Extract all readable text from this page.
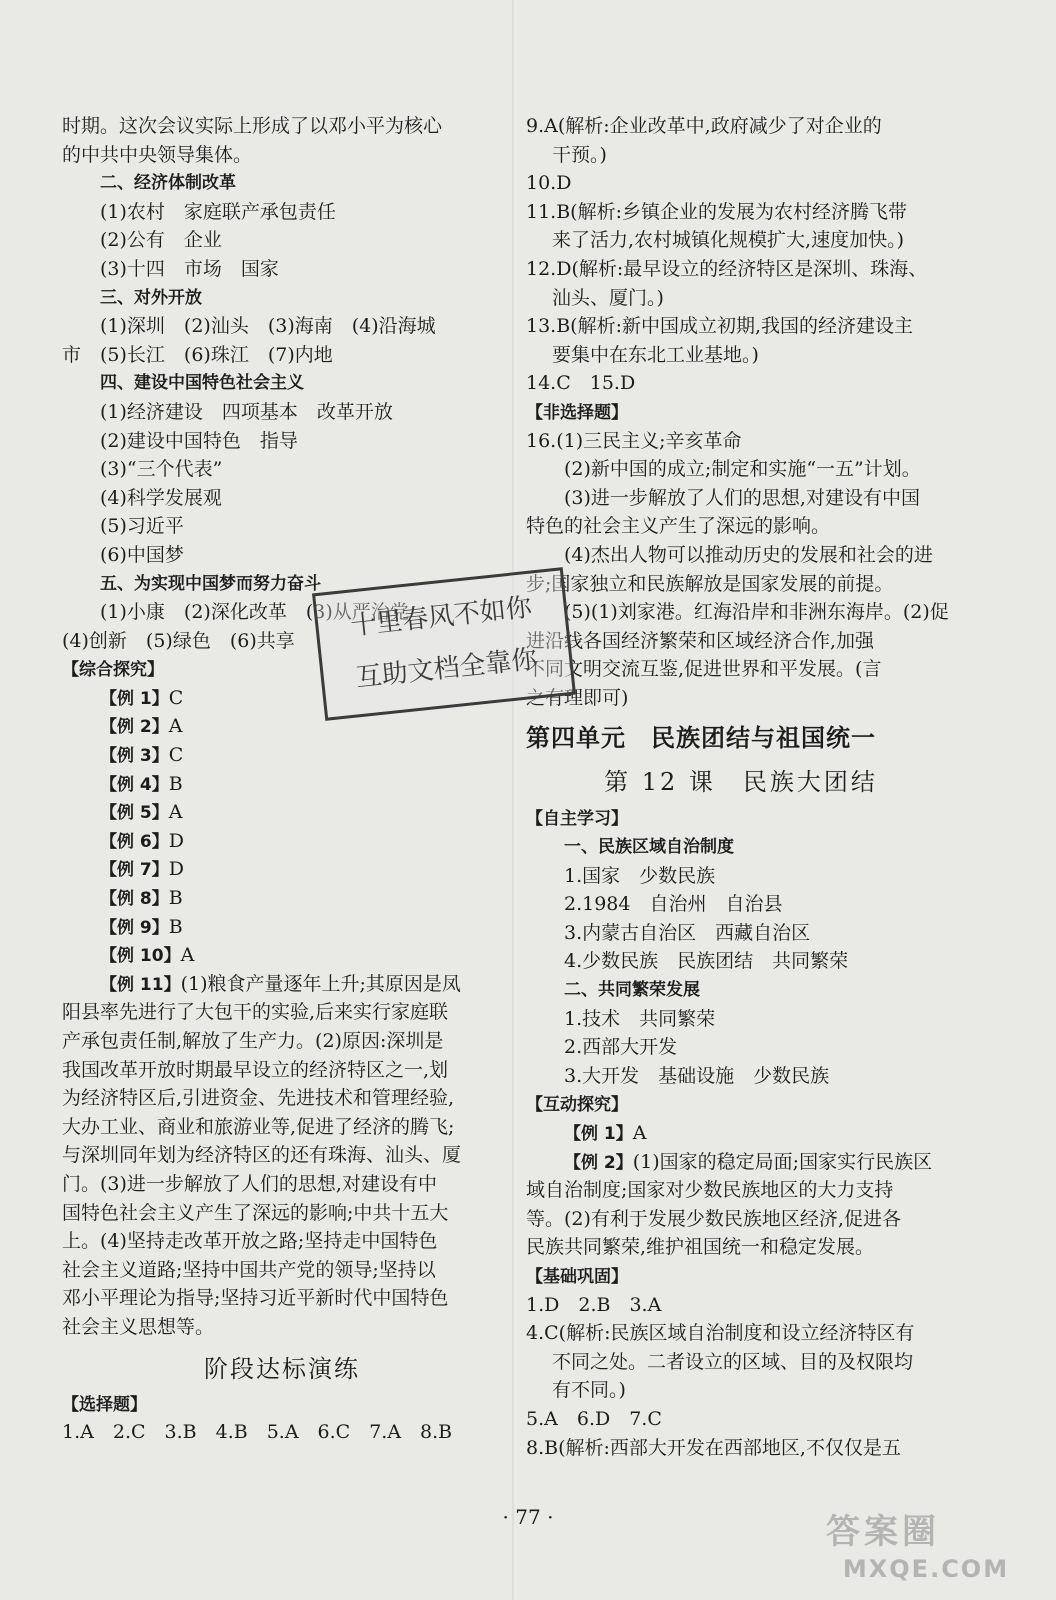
时期。这次会议实际上形成了以邓小平为核心
的中共中央领导集体。
二、经济体制改革
(1)农村　家庭联产承包责任
(2)公有　企业
(3)十四　市场　国家
三、对外开放
(1)深圳　(2)汕头　(3)海南　(4)沿海城
市　(5)长江　(6)珠江　(7)内地
四、建设中国特色社会主义
(1)经济建设　四项基本　改革开放
(2)建设中国特色　指导
(3)“三个代表”
(4)科学发展观
(5)习近平
(6)中国梦
五、为实现中国梦而努力奋斗
(1)小康　(2)深化改革　(3)从严治党
(4)创新　(5)绿色　(6)共享
【综合探究】
【例 1】C
【例 2】A
【例 3】C
【例 4】B
【例 5】A
【例 6】D
【例 7】D
【例 8】B
【例 9】B
【例 10】A
【例 11】(1)粮食产量逐年上升;其原因是凤
阳县率先进行了大包干的实验,后来实行家庭联
产承包责任制,解放了生产力。(2)原因:深圳是
我国改革开放时期最早设立的经济特区之一,划
为经济特区后,引进资金、先进技术和管理经验,
大办工业、商业和旅游业等,促进了经济的腾飞;
与深圳同年划为经济特区的还有珠海、汕头、厦
门。(3)进一步解放了人们的思想,对建设有中
国特色社会主义产生了深远的影响;中共十五大
上。(4)坚持走改革开放之路;坚持走中国特色
社会主义道路;坚持中国共产党的领导;坚持以
邓小平理论为指导;坚持习近平新时代中国特色
社会主义思想等。
阶段达标演练
【选择题】
1.A　2.C　3.B　4.B　5.A　6.C　7.A　8.B
9.A(解析:企业改革中,政府减少了对企业的
干预。)
10.D
11.B(解析:乡镇企业的发展为农村经济腾飞带
来了活力,农村城镇化规模扩大,速度加快。)
12.D(解析:最早设立的经济特区是深圳、珠海、
汕头、厦门。)
13.B(解析:新中国成立初期,我国的经济建设主
要集中在东北工业基地。)
14.C　15.D
【非选择题】
16.(1)三民主义;辛亥革命
(2)新中国的成立;制定和实施“一五”计划。
(3)进一步解放了人们的思想,对建设有中国
特色的社会主义产生了深远的影响。
(4)杰出人物可以推动历史的发展和社会的进
步;国家独立和民族解放是国家发展的前提。
(5)(1)刘家港。红海沿岸和非洲东海岸。(2)促
进沿线各国经济繁荣和区域经济合作,加强
不同文明交流互鉴,促进世界和平发展。(言
之有理即可)
第四单元　民族团结与祖国统一
第 12 课　民族大团结
【自主学习】
一、民族区域自治制度
1.国家　少数民族
2.1984　自治州　自治县
3.内蒙古自治区　西藏自治区
4.少数民族　民族团结　共同繁荣
二、共同繁荣发展
1.技术　共同繁荣
2.西部大开发
3.大开发　基础设施　少数民族
【互动探究】
【例 1】A
【例 2】(1)国家的稳定局面;国家实行民族区
域自治制度;国家对少数民族地区的大力支持
等。(2)有利于发展少数民族地区经济,促进各
民族共同繁荣,维护祖国统一和稳定发展。
【基础巩固】
1.D　2.B　3.A
4.C(解析:民族区域自治制度和设立经济特区有
不同之处。二者设立的区域、目的及权限均
有不同。)
5.A　6.D　7.C
8.B(解析:西部大开发在西部地区,不仅仅是五
十里春风不如你
互助文档全靠你
· 77 ·	答案圈
MXQE.COM
